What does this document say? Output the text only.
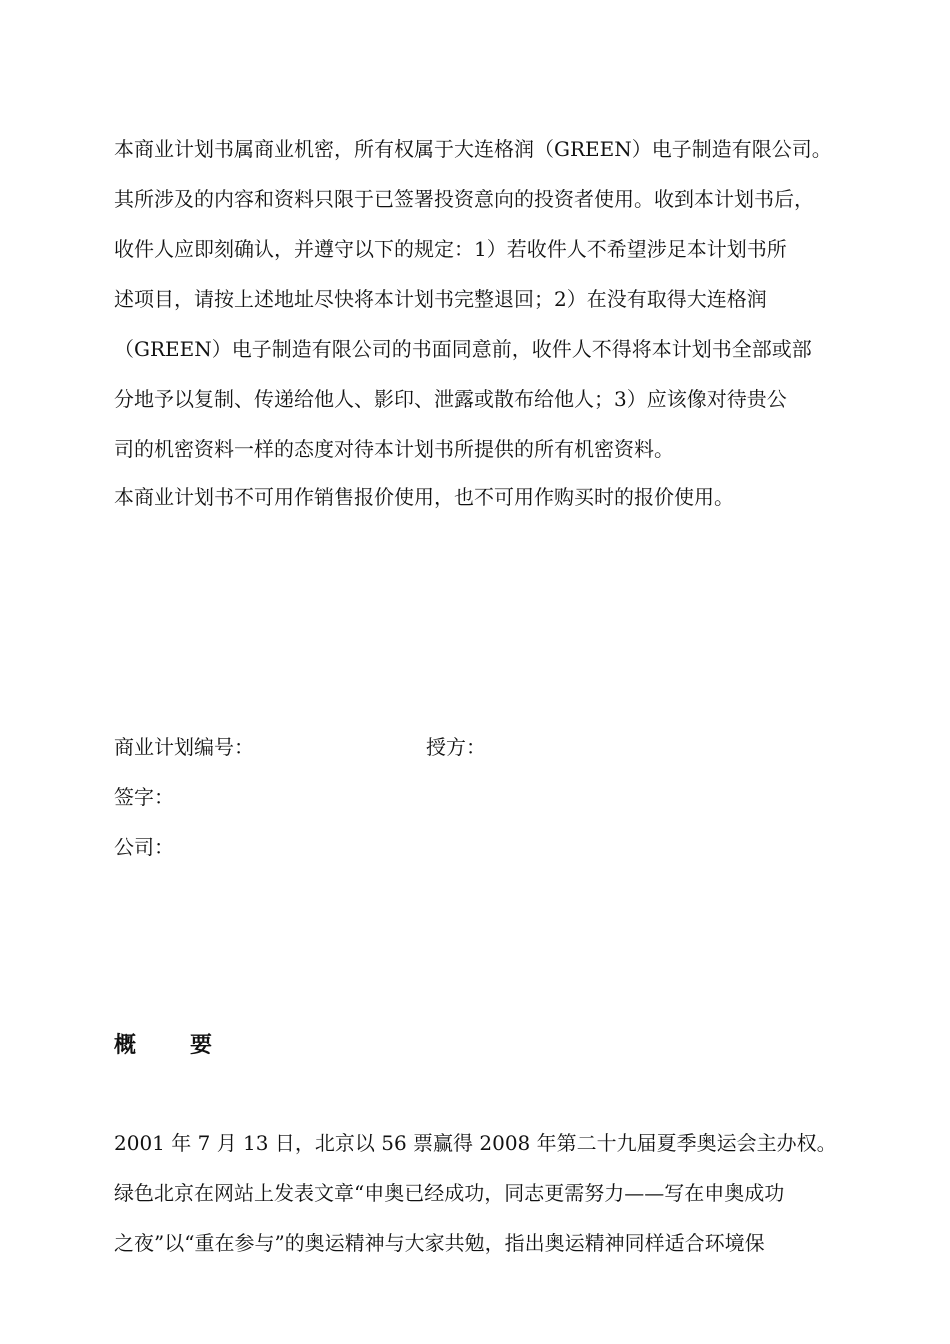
本商业计划书属商业机密，所有权属于大连格润（GREEN）电子制造有限公司。
其所涉及的内容和资料只限于已签署投资意向的投资者使用。收到本计划书后，
收件人应即刻确认，并遵守以下的规定：1）若收件人不希望涉足本计划书所
述项目，请按上述地址尽快将本计划书完整退回；2）在没有取得大连格润
（GREEN）电子制造有限公司的书面同意前，收件人不得将本计划书全部或部
分地予以复制、传递给他人、影印、泄露或散布给他人；3）应该像对待贵公
司的机密资料一样的态度对待本计划书所提供的所有机密资料。
本商业计划书不可用作销售报价使用，也不可用作购买时的报价使用。
商业计划编号：	授方：
签字：
公司：
概 要
2001 年 7 月 13 日，北京以 56 票赢得 2008 年第二十九届夏季奥运会主办权。
绿色北京在网站上发表文章“申奥已经成功，同志更需努力——写在申奥成功
之夜”以“重在参与”的奥运精神与大家共勉，指出奥运精神同样适合环境保
